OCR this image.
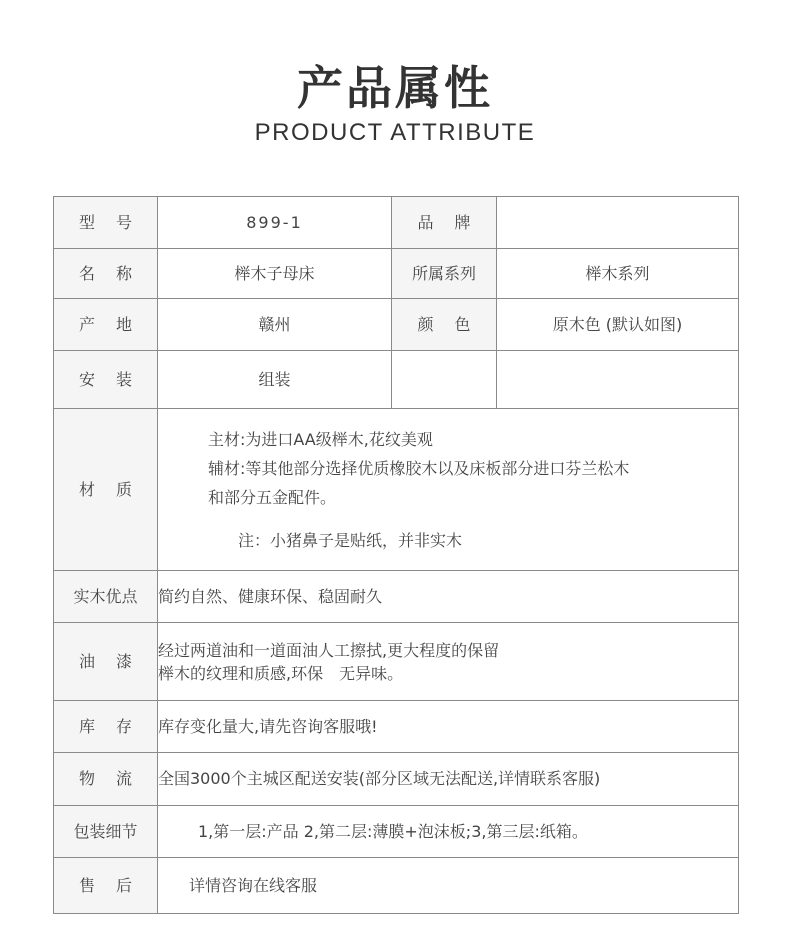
产品属性
PRODUCT ATTRIBUTE
型 号	899-1	品 牌	
名 称	榉木子母床	所属系列	榉木系列
产 地	赣州	颜 色	原木色 (默认如图)
安 装	组装		
材 质	主材:为进口AA级榉木,花纹美观
辅材:等其他部分选择优质橡胶木以及床板部分进口芬兰松木
和部分五金配件。
注：小猪鼻子是贴纸，并非实木		

实木优点	简约自然、健康环保、稳固耐久		
油 漆	经过两道油和一道面油人工擦拭,更大程度的保留
榉木的纹理和质感,环保　无异味。		

库 存	库存变化量大,请先咨询客服哦!		
物 流	全国3000个主城区配送安装(部分区域无法配送,详情联系客服)		
包装细节	1,第一层:产品 2,第二层:薄膜+泡沫板;3,第三层:纸箱。		
售 后	详情咨询在线客服		
